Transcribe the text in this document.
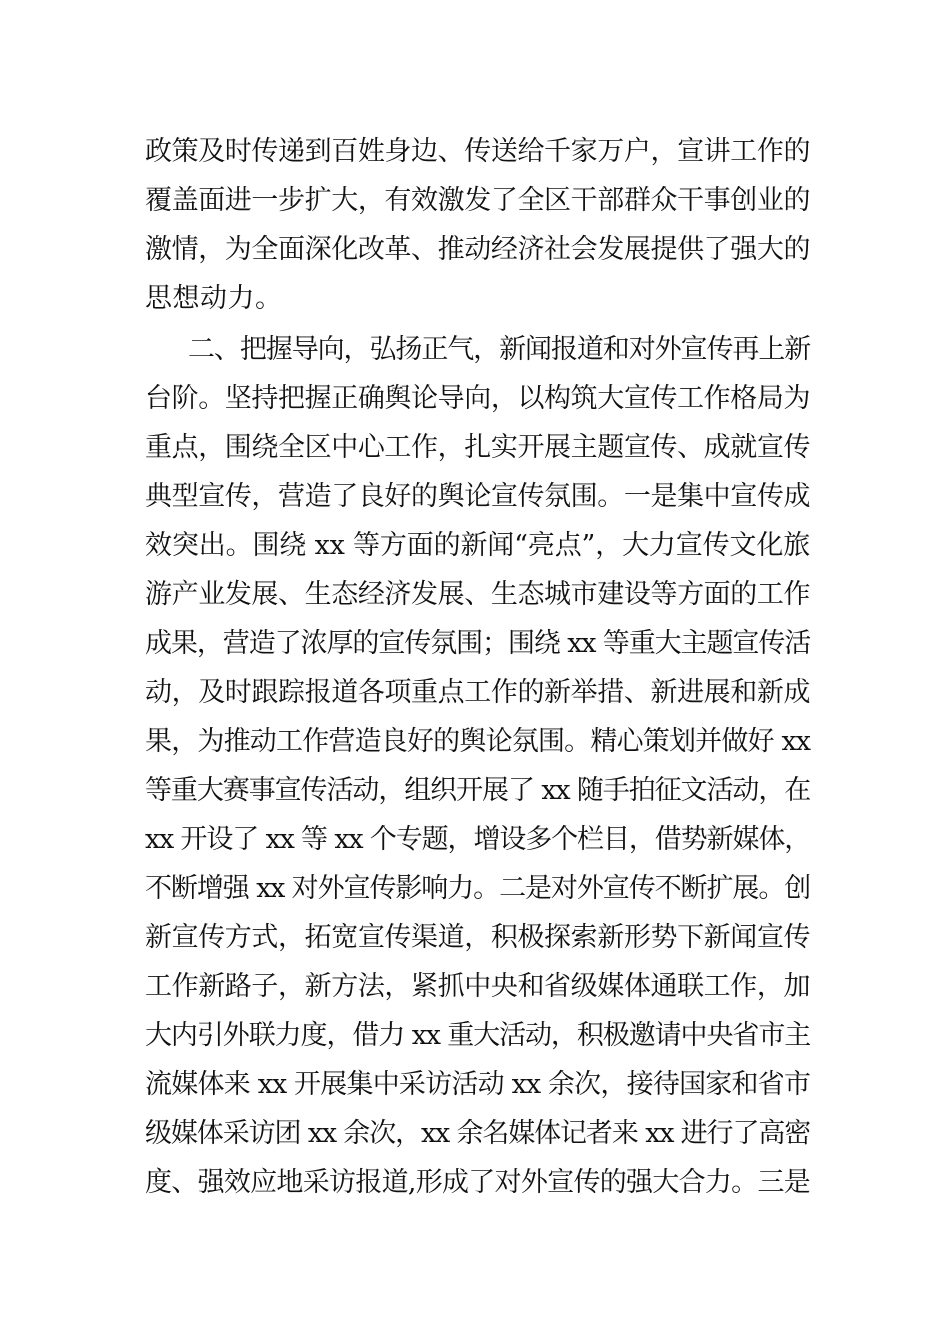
政策及时传递到百姓身边、传送给千家万户，宣讲工作的

覆盖面进一步扩大，有效激发了全区干部群众干事创业的

激情，为全面深化改革、推动经济社会发展提供了强大的

思想动力。

二、把握导向，弘扬正气，新闻报道和对外宣传再上新

台阶。坚持把握正确舆论导向，以构筑大宣传工作格局为

重点，围绕全区中心工作，扎实开展主题宣传、成就宣传

典型宣传，营造了良好的舆论宣传氛围。一是集中宣传成

效突出。围绕 xx 等方面的新闻“亮点”，大力宣传文化旅

游产业发展、生态经济发展、生态城市建设等方面的工作

成果，营造了浓厚的宣传氛围；围绕 xx 等重大主题宣传活

动，及时跟踪报道各项重点工作的新举措、新进展和新成

果，为推动工作营造良好的舆论氛围。精心策划并做好 xx

等重大赛事宣传活动，组织开展了 xx 随手拍征文活动，在

xx 开设了 xx 等 xx 个专题，增设多个栏目，借势新媒体，

不断增强 xx 对外宣传影响力。二是对外宣传不断扩展。创

新宣传方式，拓宽宣传渠道，积极探索新形势下新闻宣传

工作新路子，新方法，紧抓中央和省级媒体通联工作，加

大内引外联力度，借力 xx 重大活动，积极邀请中央省市主

流媒体来 xx 开展集中采访活动 xx 余次，接待国家和省市

级媒体采访团 xx 余次，xx 余名媒体记者来 xx 进行了高密

度、强效应地采访报道,形成了对外宣传的强大合力。三是
